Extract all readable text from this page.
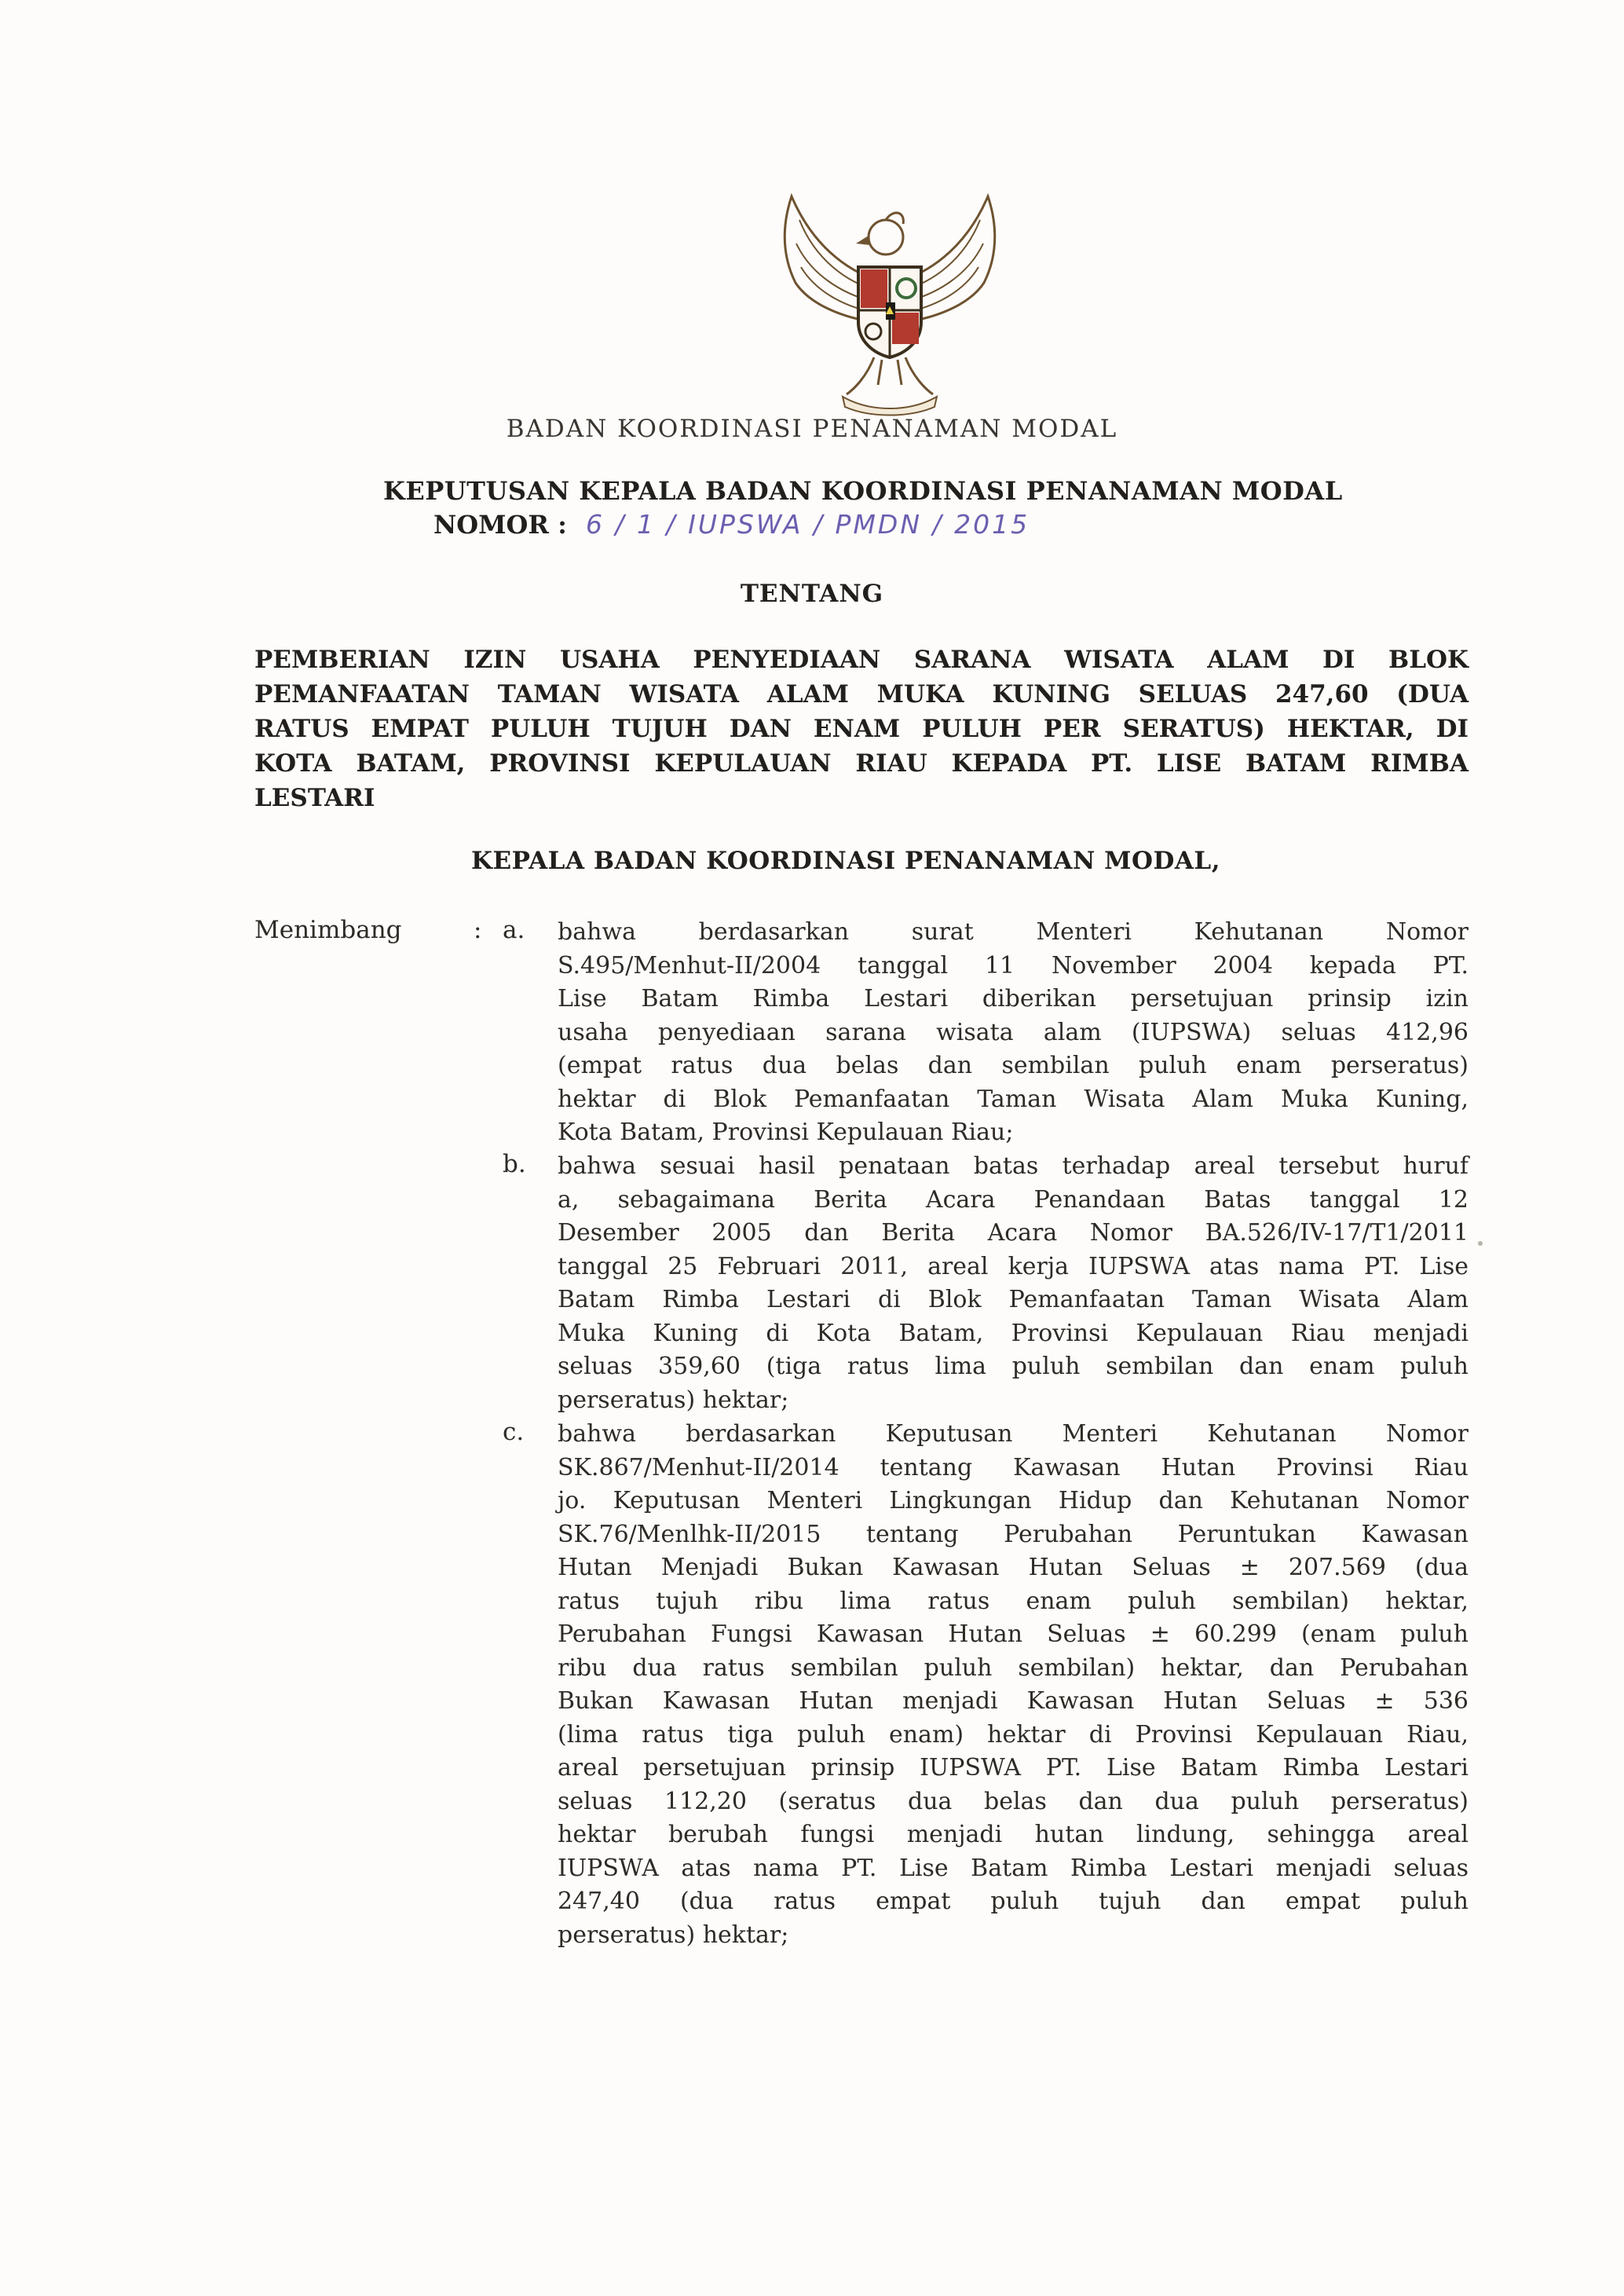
BADAN KOORDINASI PENANAMAN MODAL
KEPUTUSAN KEPALA BADAN KOORDINASI PENANAMAN MODAL
NOMOR : 6 / 1 / IUPSWA / PMDN / 2015
TENTANG
PEMBERIAN IZIN USAHA PENYEDIAAN SARANA WISATA ALAM DI BLOK
PEMANFAATAN TAMAN WISATA ALAM MUKA KUNING SELUAS 247,60 (DUA
RATUS EMPAT PULUH TUJUH DAN ENAM PULUH PER SERATUS) HEKTAR, DI
KOTA BATAM, PROVINSI KEPULAUAN RIAU KEPADA PT. LISE BATAM RIMBA
LESTARI
KEPALA BADAN KOORDINASI PENANAMAN MODAL,
Menimbang	: a. bahwa berdasarkan surat Menteri Kehutanan Nomor
S.495/Menhut-II/2004 tanggal 11 November 2004 kepada PT.
Lise Batam Rimba Lestari diberikan persetujuan prinsip izin
usaha penyediaan sarana wisata alam (IUPSWA) seluas 412,96
(empat ratus dua belas dan sembilan puluh enam perseratus)
hektar di Blok Pemanfaatan Taman Wisata Alam Muka Kuning,
Kota Batam, Provinsi Kepulauan Riau;
b. bahwa sesuai hasil penataan batas terhadap areal tersebut huruf
a, sebagaimana Berita Acara Penandaan Batas tanggal 12
Desember 2005 dan Berita Acara Nomor BA.526/IV-17/T1/2011
tanggal 25 Februari 2011, areal kerja IUPSWA atas nama PT. Lise
Batam Rimba Lestari di Blok Pemanfaatan Taman Wisata Alam
Muka Kuning di Kota Batam, Provinsi Kepulauan Riau menjadi
seluas 359,60 (tiga ratus lima puluh sembilan dan enam puluh
perseratus) hektar;
c. bahwa berdasarkan Keputusan Menteri Kehutanan Nomor
SK.867/Menhut-II/2014 tentang Kawasan Hutan Provinsi Riau
jo. Keputusan Menteri Lingkungan Hidup dan Kehutanan Nomor
SK.76/Menlhk-II/2015 tentang Perubahan Peruntukan Kawasan
Hutan Menjadi Bukan Kawasan Hutan Seluas ± 207.569 (dua
ratus tujuh ribu lima ratus enam puluh sembilan) hektar,
Perubahan Fungsi Kawasan Hutan Seluas ± 60.299 (enam puluh
ribu dua ratus sembilan puluh sembilan) hektar, dan Perubahan
Bukan Kawasan Hutan menjadi Kawasan Hutan Seluas ± 536
(lima ratus tiga puluh enam) hektar di Provinsi Kepulauan Riau,
areal persetujuan prinsip IUPSWA PT. Lise Batam Rimba Lestari
seluas 112,20 (seratus dua belas dan dua puluh perseratus)
hektar berubah fungsi menjadi hutan lindung, sehingga areal
IUPSWA atas nama PT. Lise Batam Rimba Lestari menjadi seluas
247,40 (dua ratus empat puluh tujuh dan empat puluh
perseratus) hektar;
